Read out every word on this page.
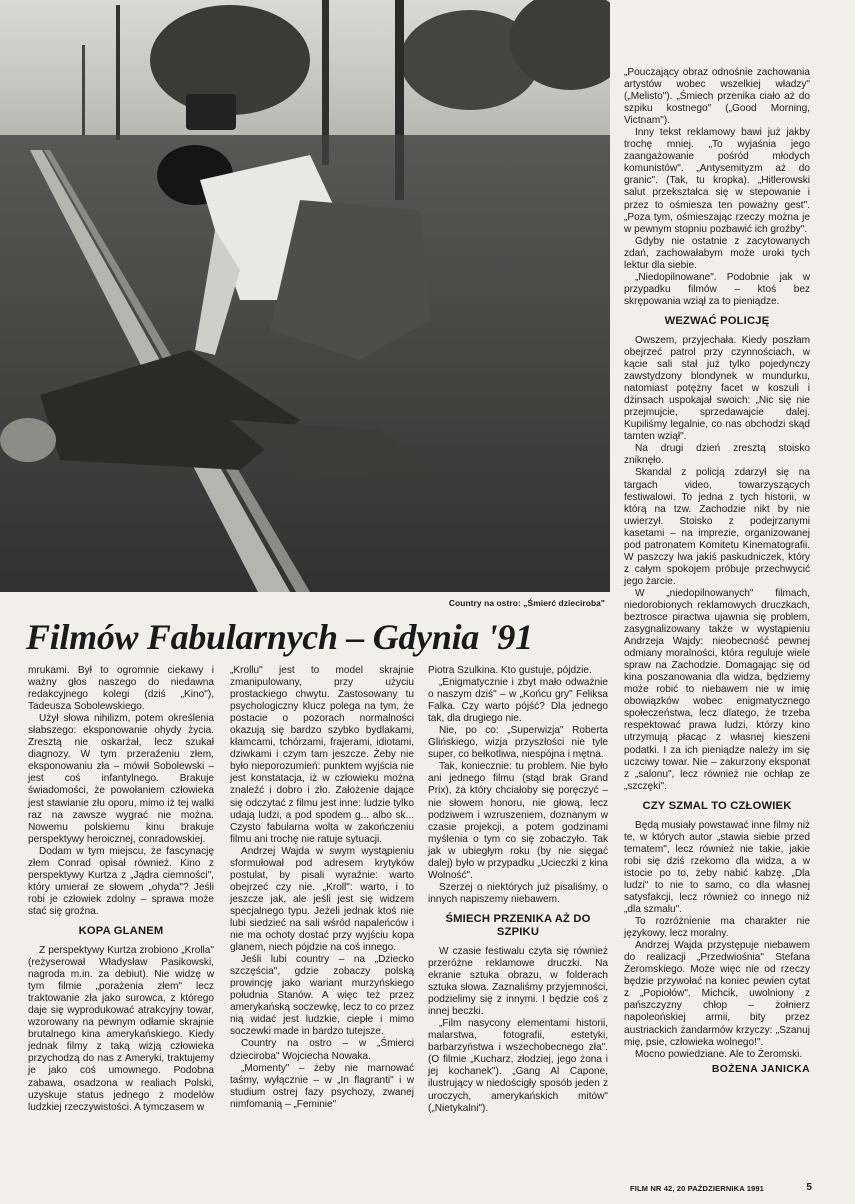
Country na ostro: „Śmierć dzieciroba"
Filmów Fabularnych – Gdynia '91

mrukami. Był to ogromnie ciekawy i ważny głos naszego do niedawna redakcyjnego kolegi (dziś „Kino"), Tadeusza Sobolewskiego.

Użył słowa nihilizm, potem określenia słabszego: eksponowanie ohydy życia. Zresztą nie oskarżał, lecz szukał diagnozy. W tym przeraźeniu złem, eksponowaniu zła – mówił Sobolewski – jest coś infantylnego. Brakuje świadomości, że powołaniem człowieka jest stawianie złu oporu, mimo iż tej walki raz na zawsze wygrać nie można. Nowemu polskiemu kinu brakuje perspektywy heroicznej, conradowskiej.

Dodam w tym miejscu, że fascynację złem Conrad opisał również. Kino z perspektywy Kurtza z „Jądra ciemności", który umierał ze słowem „ohyda"? Jeśli robi je człowiek zdolny – sprawa może stać się groźna.

KOPA GLANEM

Z perspektywy Kurtza zrobiono „Krolla" (reżyserował Władysław Pasikowski, nagroda m.in. za debiut). Nie widzę w tym filmie „porażenia złem" lecz traktowanie zła jako surowca, z którego daje się wyprodukować atrakcyjny towar, wzorowany na pewnym odłamie skrajnie brutalnego kina amerykańskiego. Kiedy jednak filmy z taką wizją człowieka przychodzą do nas z Ameryki, traktujemy je jako coś umownego. Podobna zabawa, osadzona w realiach Polski, uzyskuje status jednego z modelów ludzkiej rzeczywistości. A tymczasem w

„Krollu" jest to model skrajnie zmanipulowany, przy użyciu prostackiego chwytu. Zastosowany tu psychologiczny klucz polega na tym, że postacie o pozorach normalności okazują się bardzo szybko bydlakami, kłamcami, tchórzami, frajerami, idiotami, dziwkami i czym tam jeszcze. Żeby nie było nieporozumień: punktem wyjścia nie jest konstatacja, iż w człowieku można znaleźć i dobro i zło. Założenie dające się odczytać z filmu jest inne: ludzie tylko udają ludzi, a pod spodem g... albo sk... Czysto fabularna wolta w zakończeniu filmu ani trochę nie ratuje sytuacji.

Andrzej Wajda w swym wystąpieniu sformułował pod adresem krytyków postulat, by pisali wyraźnie: warto obejrzeć czy nie. „Kroll": warto, i to jeszcze jak, ale jeśli jest się widzem specjalnego typu. Jeżeli jednak ktoś nie lubi siedzieć na sali wśród napaleńców i nie ma ochoty dostać przy wyjściu kopa glanem, niech pójdzie na coś innego.

Jeśli lubi country – na „Dziecko szczęścia", gdzie zobaczy polską prowincję jako wariant murzyńskiego południa Stanów. A więc też przez amerykańską soczewkę, lecz to co przez nią widać jest ludzkie, ciepłe i mimo soczewki made in bardzo tutejsze.

Country na ostro – w „Śmierci dzieciroba" Wojciecha Nowaka.

„Momenty" – żeby nie marnować taśmy, wyłącznie – w „In flagranti" i w studium ostrej fazy psychozy, zwanej nimfomanią – „Feminie"

Piotra Szulkina. Kto gustuje, pójdzie.

„Enigmatycznie i zbyt mało odważnie o naszym dziś" – w „Końcu gry" Feliksa Falka. Czy warto pójść? Dla jednego tak, dla drugiego nie.

Nie, po co: „Superwizja" Roberta Glińskiego, wizja przyszłości nie tyle super, co bełkotliwa, niespójna i mętna.

Tak, koniecznie: tu problem. Nie było ani jednego filmu (stąd brak Grand Prix), za który chciałoby się poręczyć – nie słowem honoru, nie głową, lecz podziwem i wzruszeniem, doznanym w czasie projekcji, a potem godzinami myślenia o tym co się zobaczyło. Tak jak w ubiegłym roku (by nie sięgać dalej) było w przypadku „Ucieczki z kina Wolność".

Szerzej o niektórych już pisaliśmy, o innych napiszemy niebawem.

ŚMIECH PRZENIKA AŻ DO SZPIKU

W czasie festiwalu czyta się również przeróżne reklamowe druczki. Na ekranie sztuka obrazu, w folderach sztuka słowa. Zaznaliśmy przyjemności, podzielimy się z innymi. I będzie coś z innej beczki.

„Film nasycony elementami historii, malarstwa, fotografii, estetyki, barbarzyństwa i wszechobecnego zła". (O filmie „Kucharz, złodziej, jego żona i jej kochanek"). „Gang Al Capone, ilustrujący w niedościgły sposób jeden z uroczych, amerykańskich mitów" („Nietykalni").

„Pouczający obraz odnośnie zachowania artystów wobec wszelkiej władzy" („Melisto"). „Śmiech przenika ciało aż do szpiku kostnego" („Good Morning, Victnam").

Inny tekst reklamowy bawi już jakby trochę mniej. „To wyjaśnia jego zaangażowanie pośród młodych komunistów". „Antysemityzm aż do granic". (Tak, tu kropka). „Hitlerowski salut przekształca się w stepowanie i przez to ośmiesza ten poważny gest". „Poza tym, ośmieszając rzeczy można je w pewnym stopniu pozbawić ich groźby".

Gdyby nie ostatnie z zacytowanych zdań, zachowałabym może uroki tych lektur dla siebie.

„Niedopilnowane". Podobnie jak w przypadku filmów – ktoś bez skrępowania wziął za to pieniądze.

WEZWAĆ POLICJĘ

Owszem, przyjechała. Kiedy poszłam obejrzeć patrol przy czynnościach, w kącie sali stał już tylko pojedynczy zawstydzony blondynek w mundurku, natomiast potężny facet w koszuli i dżinsach uspokajał swoich: „Nic się nie przejmujcie, sprzedawajcie dalej. Kupiliśmy legalnie, co nas obchodzi skąd tamten wziął".

Na drugi dzień zresztą stoisko zniknęło.

Skandal z policją zdarzył się na targach video, towarzyszących festiwalowi. To jedna z tych historii, w którą na tzw. Zachodzie nikt by nie uwierzył. Stoisko z podejrzanymi kasetami – na imprezie, organizowanej pod patronatem Komitetu Kinematografii. W paszczy lwa jakiś paskudniczek, który z całym spokojem próbuje przechwycić jego żarcie.

W „niedopilnowanych" filmach, niedorobionych reklamowych druczkach, beztrosce piractwa ujawnia się problem, zasygnalizowany także w wystąpieniu Andrzeja Wajdy: nieobecność pewnej odmiany moralności, która reguluje wiele spraw na Zachodzie. Domagając się od kina poszanowania dla widza, będziemy może robić to niebawem nie w imię obowiązków wobec enigmatycznego społeczeństwa, lecz dlatego, że trzeba respektować prawa ludzi, którzy kino utrzymują płacąc z własnej kieszeni podatki. I za ich pieniądze należy im się uczciwy towar. Nie – zakurzony eksponat z „salonu", lecz również nie ochłap ze „szczęki".

CZY SZMAL TO CZŁOWIEK

Będą musiały powstawać inne filmy niż te, w których autor „stawia siebie przed tematem", lecz również nie takie, jakie robi się dziś rzekomo dla widza, a w istocie po to, żeby nabić kabzę. „Dla ludzi" to nie to samo, co dla własnej satysfakcji, lecz również co innego niż „dla szmalu".

To rozróżnienie ma charakter nie językowy, lecz moralny.

Andrzej Wajda przystępuje niebawem do realizacji „Przedwiośnia" Stefana Żeromskiego. Może więc nie od rzeczy będzie przywołać na koniec pewien cytat z „Popiołów". Michcik, uwolniony z pańszczyzny chłop – żołnierz napoleońskiej armii, bity przez austriackich żandarmów krzyczy: „Szanuj mię, psie, człowieka wolnego!".

Mocno powiedziane. Ale to Żeromski.

BOŻENA JANICKA
FILM NR 42, 20 PAŹDZIERNIKA 1991	5
